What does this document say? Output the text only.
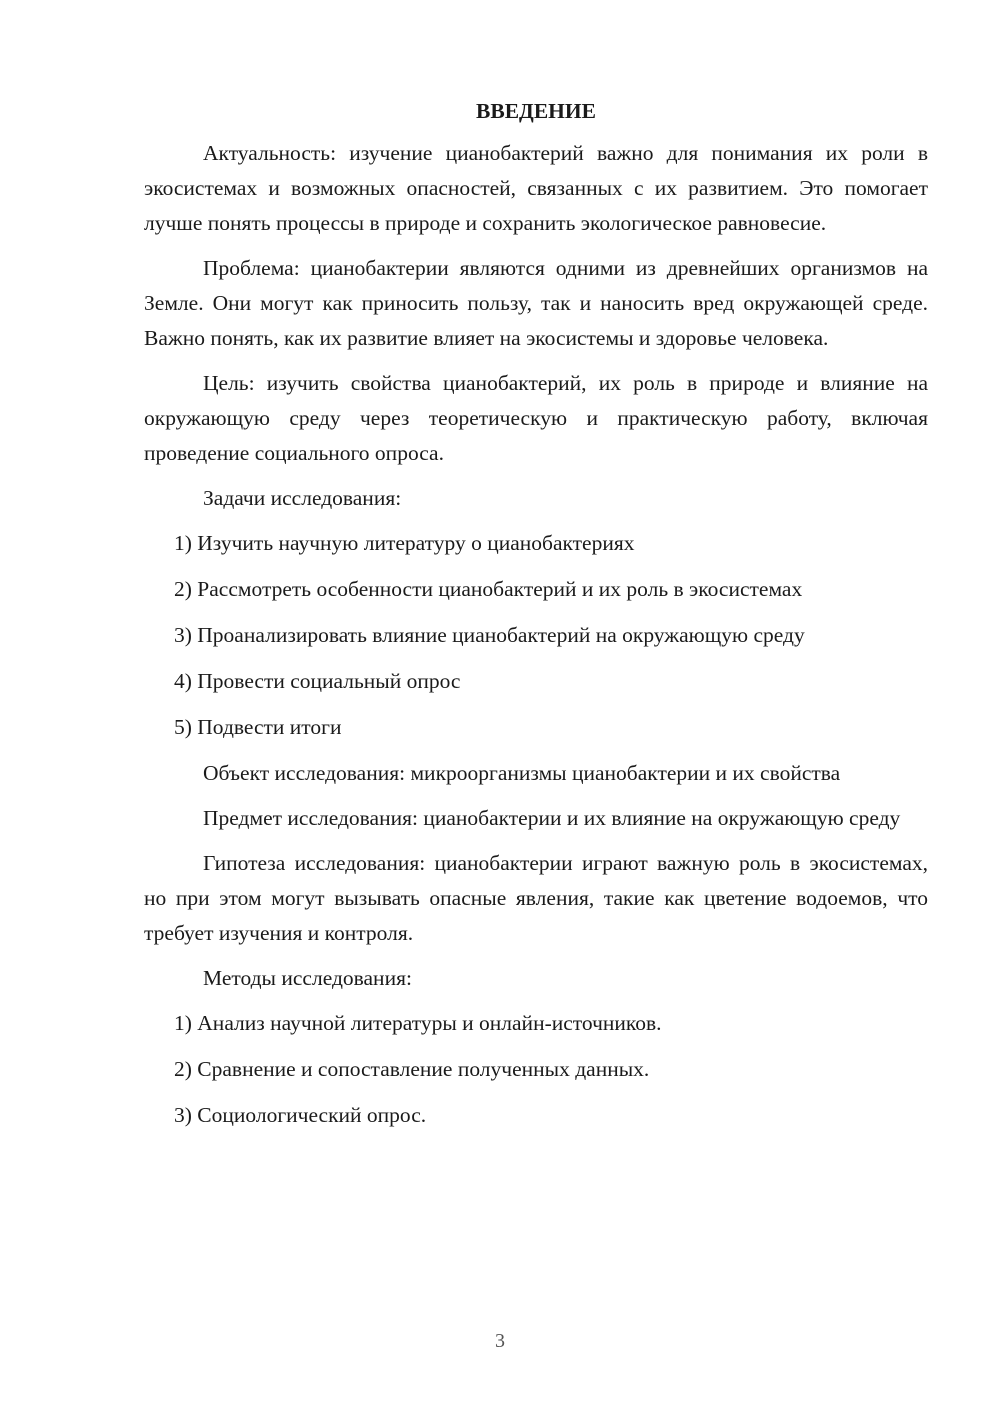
ВВЕДЕНИЕ

Актуальность: изучение цианобактерий важно для понимания их роли в экосистемах и возможных опасностей, связанных с их развитием. Это помогает лучше понять процессы в природе и сохранить экологическое равновесие.

Проблема: цианобактерии являются одними из древнейших организмов на Земле. Они могут как приносить пользу, так и наносить вред окружающей среде. Важно понять, как их развитие влияет на экосистемы и здоровье человека.

Цель: изучить свойства цианобактерий, их роль в природе и влияние на окружающую среду через теоретическую и практическую работу, включая проведение социального опроса.

Задачи исследования:

1) Изучить научную литературу о цианобактериях
2) Рассмотреть особенности цианобактерий и их роль в экосистемах
3) Проанализировать влияние цианобактерий на окружающую среду
4) Провести социальный опрос
5) Подвести итоги

Объект исследования: микроорганизмы цианобактерии и их свойства

Предмет исследования: цианобактерии и их влияние на окружающую среду

Гипотеза исследования: цианобактерии играют важную роль в экосистемах, но при этом могут вызывать опасные явления, такие как цветение водоемов, что требует изучения и контроля.

Методы исследования:

1) Анализ научной литературы и онлайн-источников.
2) Сравнение и сопоставление полученных данных.
3) Социологический опрос.
3
